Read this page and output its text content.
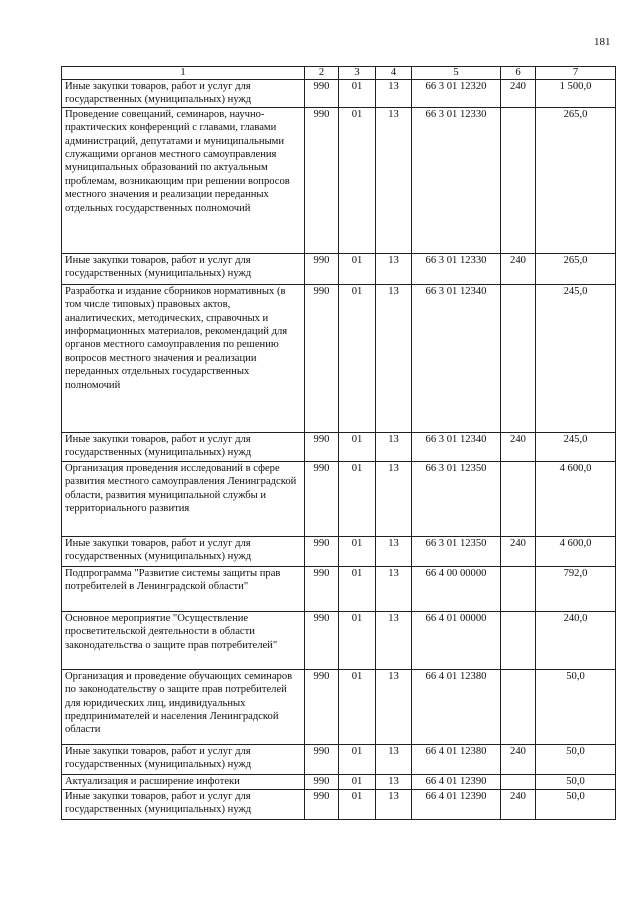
181
1	2	3	4	5	6	7
Иные закупки товаров, работ и услуг для государственных (муниципальных) нужд	990	01	13	66 3 01 12320	240	1 500,0
Проведение совещаний, семинаров, научно-практических конференций с главами, главами администраций, депутатами и муниципальными служащими органов местного самоуправления муниципальных образований по актуальным проблемам, возникающим при решении вопросов местного значения и реализации переданных отдельных государственных полномочий	990	01	13	66 3 01 12330		265,0
Иные закупки товаров, работ и услуг для государственных (муниципальных) нужд	990	01	13	66 3 01 12330	240	265,0
Разработка и издание сборников нормативных (в том числе типовых) правовых актов, аналитических, методических, справочных и информационных материалов, рекомендаций для органов местного самоуправления по решению вопросов местного значения и реализации переданных отдельных государственных полномочий	990	01	13	66 3 01 12340		245,0
Иные закупки товаров, работ и услуг для государственных (муниципальных) нужд	990	01	13	66 3 01 12340	240	245,0
Организация проведения исследований в сфере развития местного самоуправления Ленинградской области, развития муниципальной службы и территориального развития	990	01	13	66 3 01 12350		4 600,0
Иные закупки товаров, работ и услуг для государственных (муниципальных) нужд	990	01	13	66 3 01 12350	240	4 600,0
Подпрограмма "Развитие системы защиты прав потребителей в Ленинградской области"	990	01	13	66 4 00 00000		792,0
Основное мероприятие "Осуществление просветительской деятельности в области законодательства о защите прав потребителей"	990	01	13	66 4 01 00000		240,0
Организация и проведение обучающих семинаров по законодательству о защите прав потребителей для юридических лиц, индивидуальных предпринимателей и населения Ленинградской области	990	01	13	66 4 01 12380		50,0
Иные закупки товаров, работ и услуг для государственных (муниципальных) нужд	990	01	13	66 4 01 12380	240	50,0
Актуализация и расширение инфотеки	990	01	13	66 4 01 12390		50,0
Иные закупки товаров, работ и услуг для государственных (муниципальных) нужд	990	01	13	66 4 01 12390	240	50,0
